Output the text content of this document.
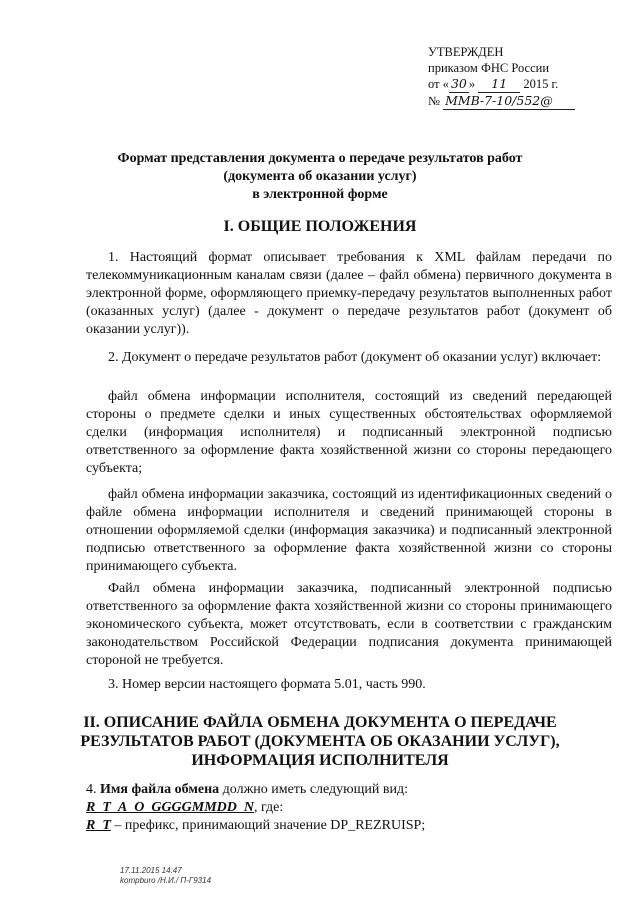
УТВЕРЖДЕН
приказом ФНС России
от « 30 » 11 2015 г.
№ ММВ-7-10/552@
Формат представления документа о передаче результатов работ
(документа об оказании услуг)
в электронной форме
I. ОБЩИЕ ПОЛОЖЕНИЯ
1. Настоящий формат описывает требования к XML файлам передачи по телекоммуникационным каналам связи (далее – файл обмена) первичного документа в электронной форме, оформляющего приемку-передачу результатов выполненных работ (оказанных услуг) (далее - документ о передаче результатов работ (документ об оказании услуг)).
2. Документ о передаче результатов работ (документ об оказании услуг) включает:
файл обмена информации исполнителя, состоящий из сведений передающей стороны о предмете сделки и иных существенных обстоятельствах оформляемой сделки (информация исполнителя) и подписанный электронной подписью ответственного за оформление факта хозяйственной жизни со стороны передающего субъекта;
файл обмена информации заказчика, состоящий из идентификационных сведений о файле обмена информации исполнителя и сведений принимающей стороны в отношении оформляемой сделки (информация заказчика) и подписанный электронной подписью ответственного за оформление факта хозяйственной жизни со стороны принимающего субъекта.
Файл обмена информации заказчика, подписанный электронной подписью ответственного за оформление факта хозяйственной жизни со стороны принимающего экономического субъекта, может отсутствовать, если в соответствии с гражданским законодательством Российской Федерации подписания документа принимающей стороной не требуется.
3. Номер версии настоящего формата 5.01, часть 990.
II. ОПИСАНИЕ ФАЙЛА ОБМЕНА ДОКУМЕНТА О ПЕРЕДАЧЕ
РЕЗУЛЬТАТОВ РАБОТ (ДОКУМЕНТА ОБ ОКАЗАНИИ УСЛУГ),
ИНФОРМАЦИЯ ИСПОЛНИТЕЛЯ
4. Имя файла обмена должно иметь следующий вид:
R_T_A_O_GGGGMMDD_N, где:
R_T – префикс, принимающий значение DP_REZRUISP;
17.11.2015 14:47
kompburo /Н.И./ П-Г9314
